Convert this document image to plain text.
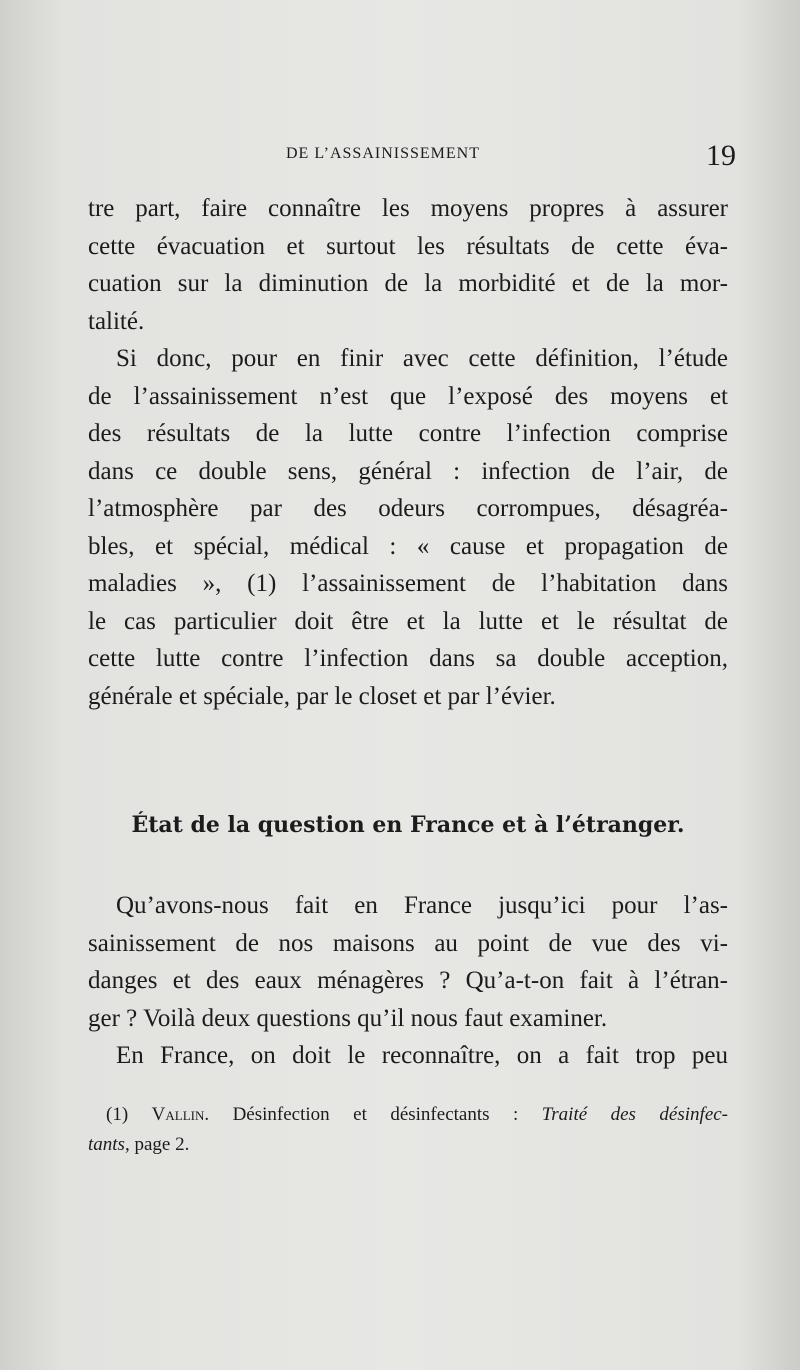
DE L’ASSAINISSEMENT	19
tre part, faire connaître les moyens propres à assurer
cette évacuation et surtout les résultats de cette éva-
cuation sur la diminution de la morbidité et de la mor-
talité.
Si donc, pour en finir avec cette définition, l’étude
de l’assainissement n’est que l’exposé des moyens et
des résultats de la lutte contre l’infection comprise
dans ce double sens, général : infection de l’air, de
l’atmosphère par des odeurs corrompues, désagréa-
bles, et spécial, médical : « cause et propagation de
maladies », (1) l’assainissement de l’habitation dans
le cas particulier doit être et la lutte et le résultat de
cette lutte contre l’infection dans sa double acception,
générale et spéciale, par le closet et par l’évier.
État de la question en France et à l’étranger.
Qu’avons-nous fait en France jusqu’ici pour l’as-
sainissement de nos maisons au point de vue des vi-
danges et des eaux ménagères ? Qu’a-t-on fait à l’étran-
ger ? Voilà deux questions qu’il nous faut examiner.
En France, on doit le reconnaître, on a fait trop peu
(1) Vallin. Désinfection et désinfectants : Traité des désinfec-
tants, page 2.
